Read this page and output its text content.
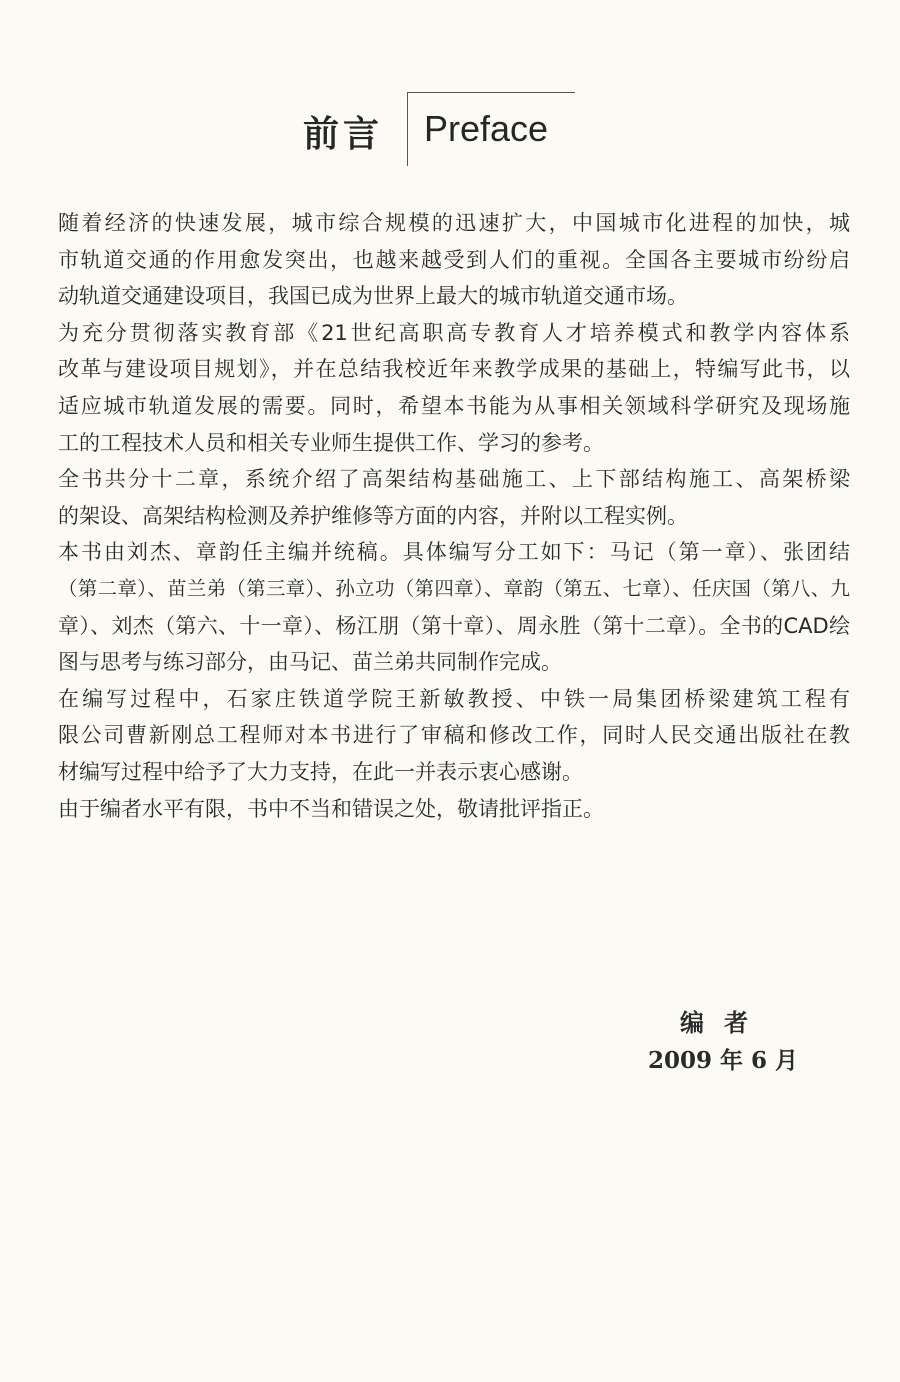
前言 Preface
随着经济的快速发展，城市综合规模的迅速扩大，中国城市化进程的加快，城
市轨道交通的作用愈发突出，也越来越受到人们的重视。全国各主要城市纷纷启
动轨道交通建设项目，我国已成为世界上最大的城市轨道交通市场。
为充分贯彻落实教育部《21世纪高职高专教育人才培养模式和教学内容体系
改革与建设项目规划》，并在总结我校近年来教学成果的基础上，特编写此书，以
适应城市轨道发展的需要。同时，希望本书能为从事相关领域科学研究及现场施
工的工程技术人员和相关专业师生提供工作、学习的参考。
全书共分十二章，系统介绍了高架结构基础施工、上下部结构施工、高架桥梁
的架设、高架结构检测及养护维修等方面的内容，并附以工程实例。
本书由刘杰、章韵任主编并统稿。具体编写分工如下：马记（第一章）、张团结
（第二章）、苗兰弟（第三章）、孙立功（第四章）、章韵（第五、七章）、任庆国（第八、九
章）、刘杰（第六、十一章）、杨江朋（第十章）、周永胜（第十二章）。全书的CAD绘
图与思考与练习部分，由马记、苗兰弟共同制作完成。
在编写过程中，石家庄铁道学院王新敏教授、中铁一局集团桥梁建筑工程有
限公司曹新刚总工程师对本书进行了审稿和修改工作，同时人民交通出版社在教
材编写过程中给予了大力支持，在此一并表示衷心感谢。
由于编者水平有限，书中不当和错误之处，敬请批评指正。
编者
2009 年 6 月
